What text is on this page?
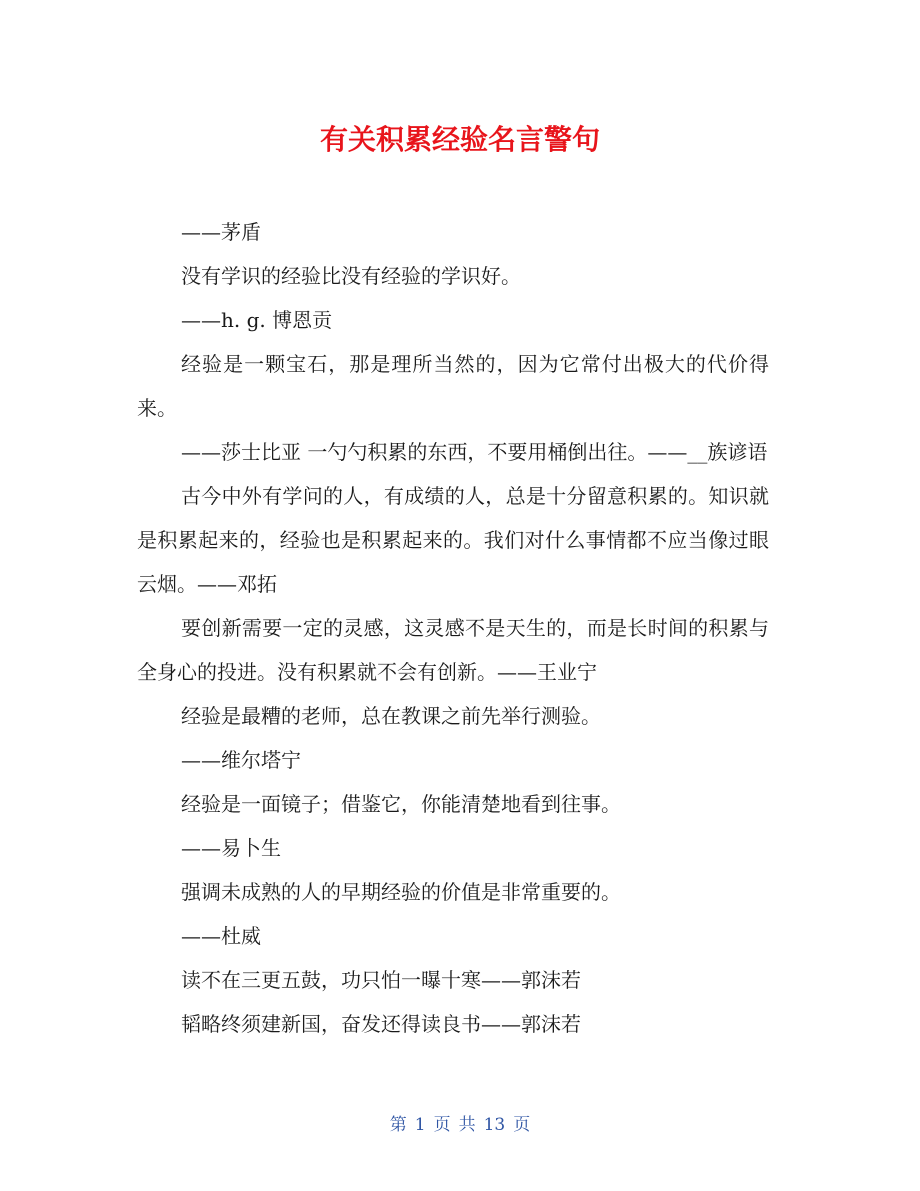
有关积累经验名言警句

——茅盾

没有学识的经验比没有经验的学识好。

——h. g. 博恩贡

经验是一颗宝石，那是理所当然的，因为它常付出极大的代价得来。

——莎士比亚 一勺勺积累的东西，不要用桶倒出往。——__族谚语

古今中外有学问的人，有成绩的人，总是十分留意积累的。知识就是积累起来的，经验也是积累起来的。我们对什么事情都不应当像过眼云烟。——邓拓

要创新需要一定的灵感，这灵感不是天生的，而是长时间的积累与全身心的投进。没有积累就不会有创新。——王业宁

经验是最糟的老师，总在教课之前先举行测验。

——维尔塔宁

经验是一面镜子；借鉴它，你能清楚地看到往事。

——易卜生

强调未成熟的人的早期经验的价值是非常重要的。

——杜威

读不在三更五鼓，功只怕一曝十寒——郭沫若

韬略终须建新国，奋发还得读良书——郭沫若

第 1 页 共 13 页
